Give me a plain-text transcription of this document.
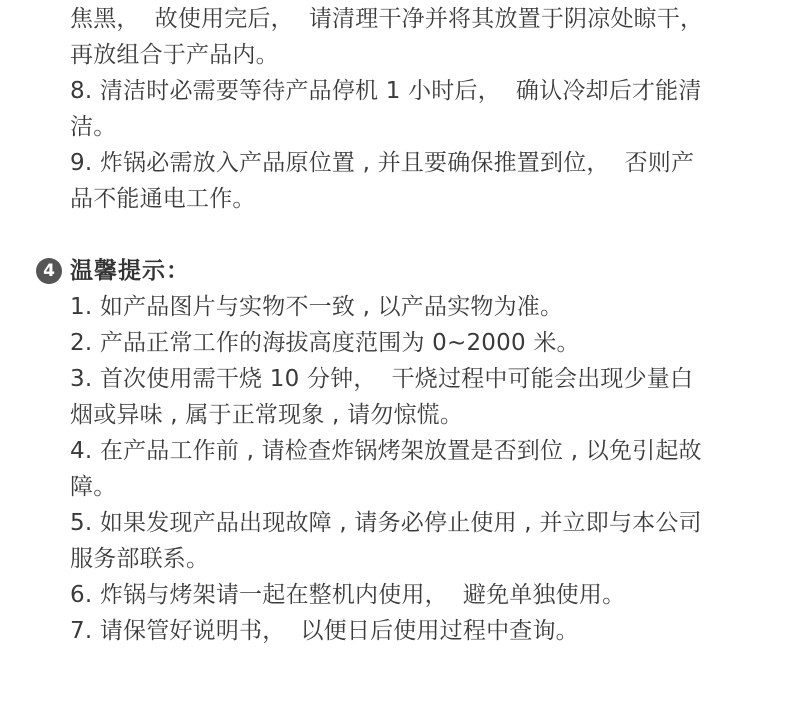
焦黑，  故使用完后，  请清理干净并将其放置于阴凉处晾干，
再放组合于产品内。
8. 清洁时必需要等待产品停机 1 小时后，  确认冷却后才能清
洁。
9. 炸锅必需放入产品原位置 , 并且要确保推置到位，  否则产
品不能通电工作。
4 温馨提示：
1. 如产品图片与实物不一致 , 以产品实物为准。
2. 产品正常工作的海拔高度范围为 0~2000 米。
3. 首次使用需干烧 10 分钟，  干烧过程中可能会出现少量白
烟或异味 , 属于正常现象 , 请勿惊慌。
4. 在产品工作前 , 请检查炸锅烤架放置是否到位 , 以免引起故
障。
5. 如果发现产品出现故障 , 请务必停止使用 , 并立即与本公司
服务部联系。
6. 炸锅与烤架请一起在整机内使用，  避免单独使用。
7. 请保管好说明书，  以便日后使用过程中查询。
